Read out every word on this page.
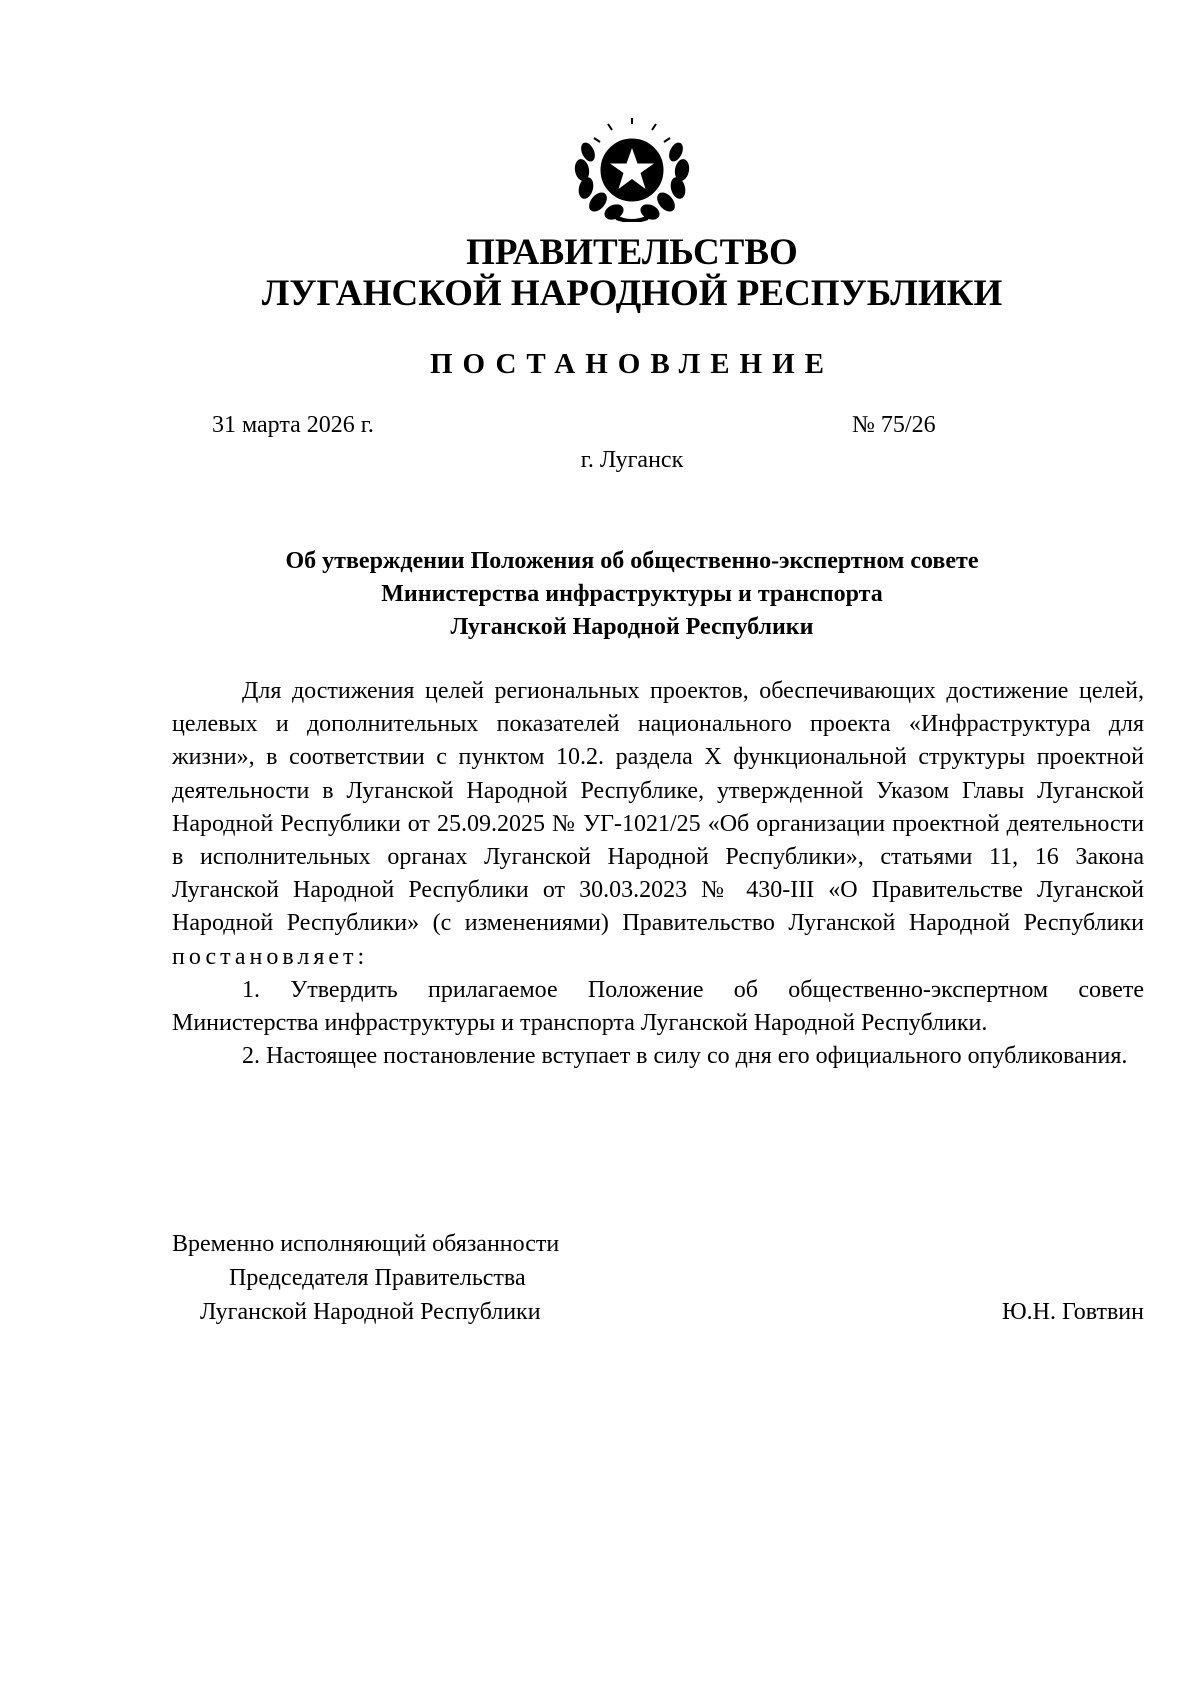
ПРАВИТЕЛЬСТВО

ЛУГАНСКОЙ НАРОДНОЙ РЕСПУБЛИКИ

ПОСТАНОВЛЕНИЕ

31 марта 2026 г.	№ 75/26
г. Луганск
Об утверждении Положения об общественно-экспертном совете
Министерства инфраструктуры и транспорта
Луганской Народной Республики

Для достижения целей региональных проектов, обеспечивающих достижение целей, целевых и дополнительных показателей национального проекта «Инфраструктура для жизни», в соответствии с пунктом 10.2. раздела X функциональной структуры проектной деятельности в Луганской Народной Республике, утвержденной Указом Главы Луганской Народной Республики от 25.09.2025 № УГ-1021/25 «Об организации проектной деятельности в исполнительных органах Луганской Народной Республики», статьями 11, 16 Закона Луганской Народной Республики от 30.03.2023 № 430-III «О Правительстве Луганской Народной Республики» (с изменениями) Правительство Луганской Народной Республики постановляет:

1. Утвердить прилагаемое Положение об общественно-экспертном совете Министерства инфраструктуры и транспорта Луганской Народной Республики.

2. Настоящее постановление вступает в силу со дня его официального опубликования.

Временно исполняющий обязанности
Председателя Правительства
Луганской Народной Республики	Ю.Н. Говтвин
